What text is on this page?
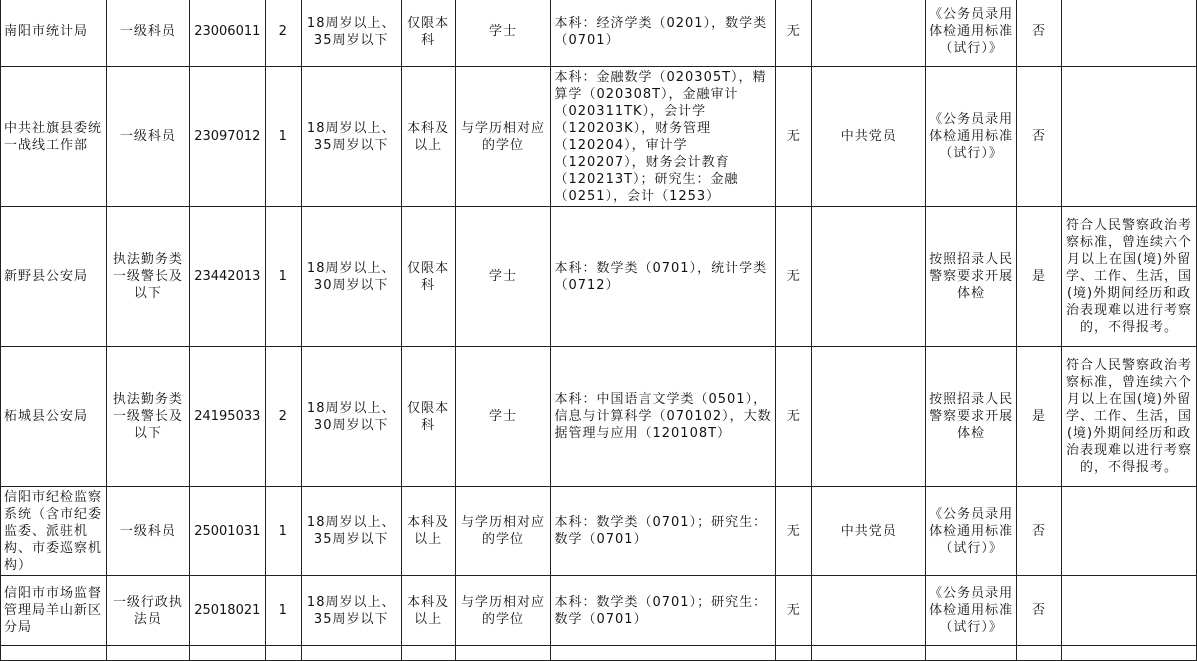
南阳市统计局	一级科员	23006011	2	18周岁以上、35周岁以下	仅限本科	学士	本科：经济学类（0201），数学类（0701）	无		《公务员录用体检通用标准（试行）》	否	
中共社旗县委统一战线工作部	一级科员	23097012	1	18周岁以上、35周岁以下	本科及以上	与学历相对应的学位	本科：金融数学（020305T），精算学（020308T），金融审计（020311TK），会计学（120203K），财务管理（120204），审计学（120207），财务会计教育（120213T）；研究生：金融（0251），会计（1253）	无	中共党员	《公务员录用体检通用标准（试行）》	否	
新野县公安局	执法勤务类一级警长及以下	23442013	1	18周岁以上、30周岁以下	仅限本科	学士	本科：数学类（0701），统计学类（0712）	无		按照招录人民警察要求开展体检	是	符合人民警察政治考察标准，曾连续六个月以上在国(境)外留学、工作、生活，国(境)外期间经历和政治表现难以进行考察的，不得报考。

柘城县公安局	执法勤务类一级警长及以下	24195033	2	18周岁以上、30周岁以下	仅限本科	学士	本科：中国语言文学类（0501），信息与计算科学（070102），大数据管理与应用（120108T）	无		按照招录人民警察要求开展体检	是	符合人民警察政治考察标准，曾连续六个月以上在国(境)外留学、工作、生活，国(境)外期间经历和政治表现难以进行考察的，不得报考。

信阳市纪检监察系统（含市纪委监委、派驻机构、市委巡察机构）	一级科员	25001031	1	18周岁以上、35周岁以下	本科及以上	与学历相对应的学位	本科：数学类（0701）；研究生：数学（0701）	无	中共党员	《公务员录用体检通用标准（试行）》	否	

信阳市市场监督管理局羊山新区分局	一级行政执法员	25018021	1	18周岁以上、35周岁以下	本科及以上	与学历相对应的学位	本科：数学类（0701）；研究生：数学（0701）	无		《公务员录用体检通用标准（试行）》	否	
